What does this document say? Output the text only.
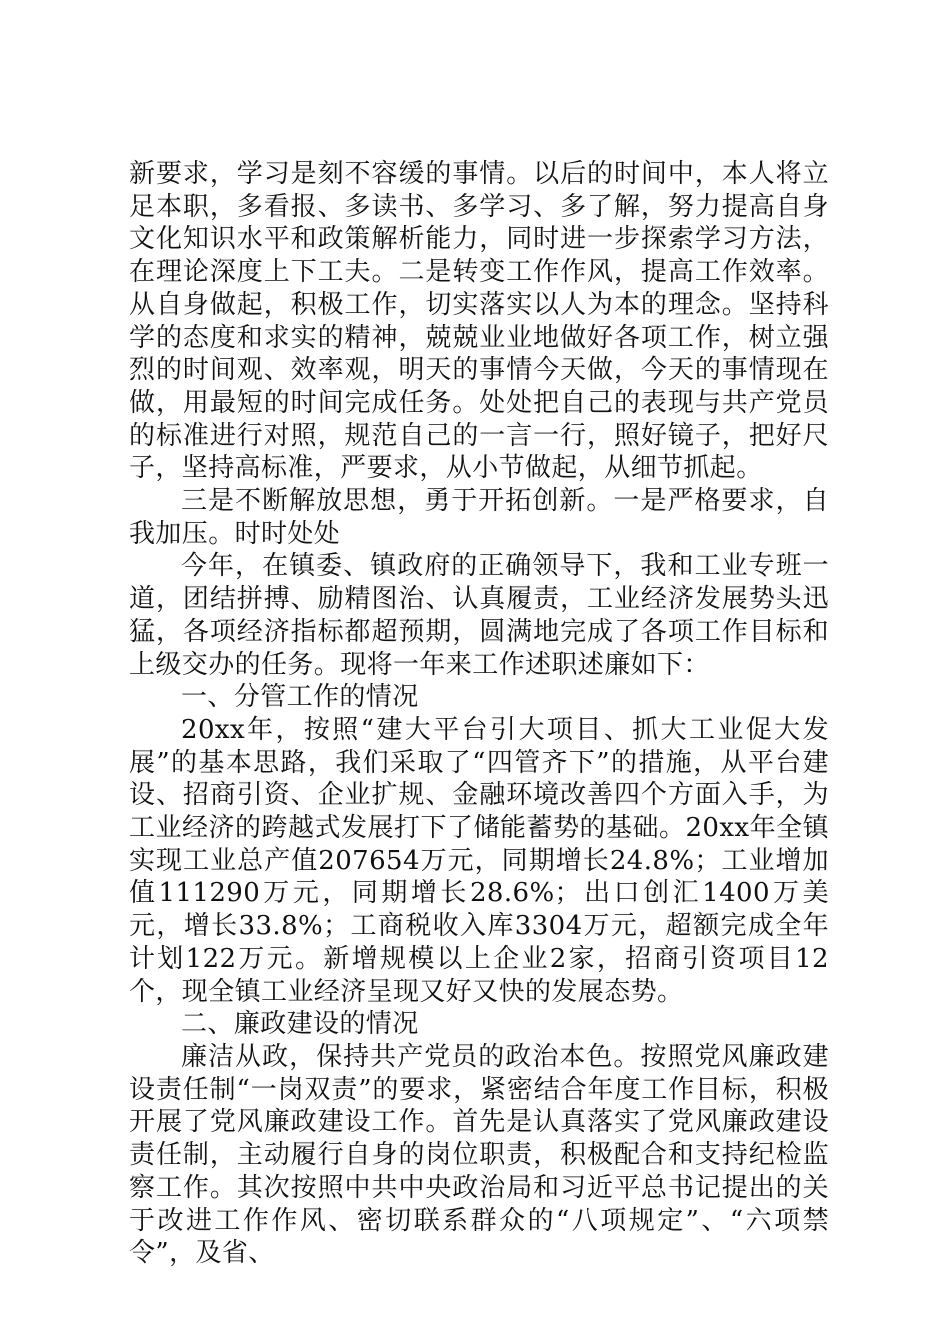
新要求，学习是刻不容缓的事情。以后的时间中，本人将立足本职，多看报、多读书、多学习、多了解，努力提高自身文化知识水平和政策解析能力，同时进一步探索学习方法，在理论深度上下工夫。二是转变工作作风，提高工作效率。从自身做起，积极工作，切实落实以人为本的理念。坚持科学的态度和求实的精神，兢兢业业地做好各项工作，树立强烈的时间观、效率观，明天的事情今天做，今天的事情现在做，用最短的时间完成任务。处处把自己的表现与共产党员的标准进行对照，规范自己的一言一行，照好镜子，把好尺子，坚持高标准，严要求，从小节做起，从细节抓起。

三是不断解放思想，勇于开拓创新。一是严格要求，自我加压。时时处处

今年，在镇委、镇政府的正确领导下，我和工业专班一道，团结拼搏、励精图治、认真履责，工业经济发展势头迅猛，各项经济指标都超预期，圆满地完成了各项工作目标和上级交办的任务。现将一年来工作述职述廉如下：

一、分管工作的情况

20xx年，按照“建大平台引大项目、抓大工业促大发展”的基本思路，我们采取了“四管齐下”的措施，从平台建设、招商引资、企业扩规、金融环境改善四个方面入手，为工业经济的跨越式发展打下了储能蓄势的基础。20xx年全镇实现工业总产值207654万元，同期增长24.8%；工业增加值111290万元，同期增长28.6%；出口创汇1400万美元，增长33.8%；工商税收入库3304万元，超额完成全年计划122万元。新增规模以上企业2家，招商引资项目12个，现全镇工业经济呈现又好又快的发展态势。

二、廉政建设的情况

廉洁从政，保持共产党员的政治本色。按照党风廉政建设责任制“一岗双责”的要求，紧密结合年度工作目标，积极开展了党风廉政建设工作。首先是认真落实了党风廉政建设责任制，主动履行自身的岗位职责，积极配合和支持纪检监察工作。其次按照中共中央政治局和习近平总书记提出的关于改进工作作风、密切联系群众的“八项规定”、“六项禁令”，及省、
